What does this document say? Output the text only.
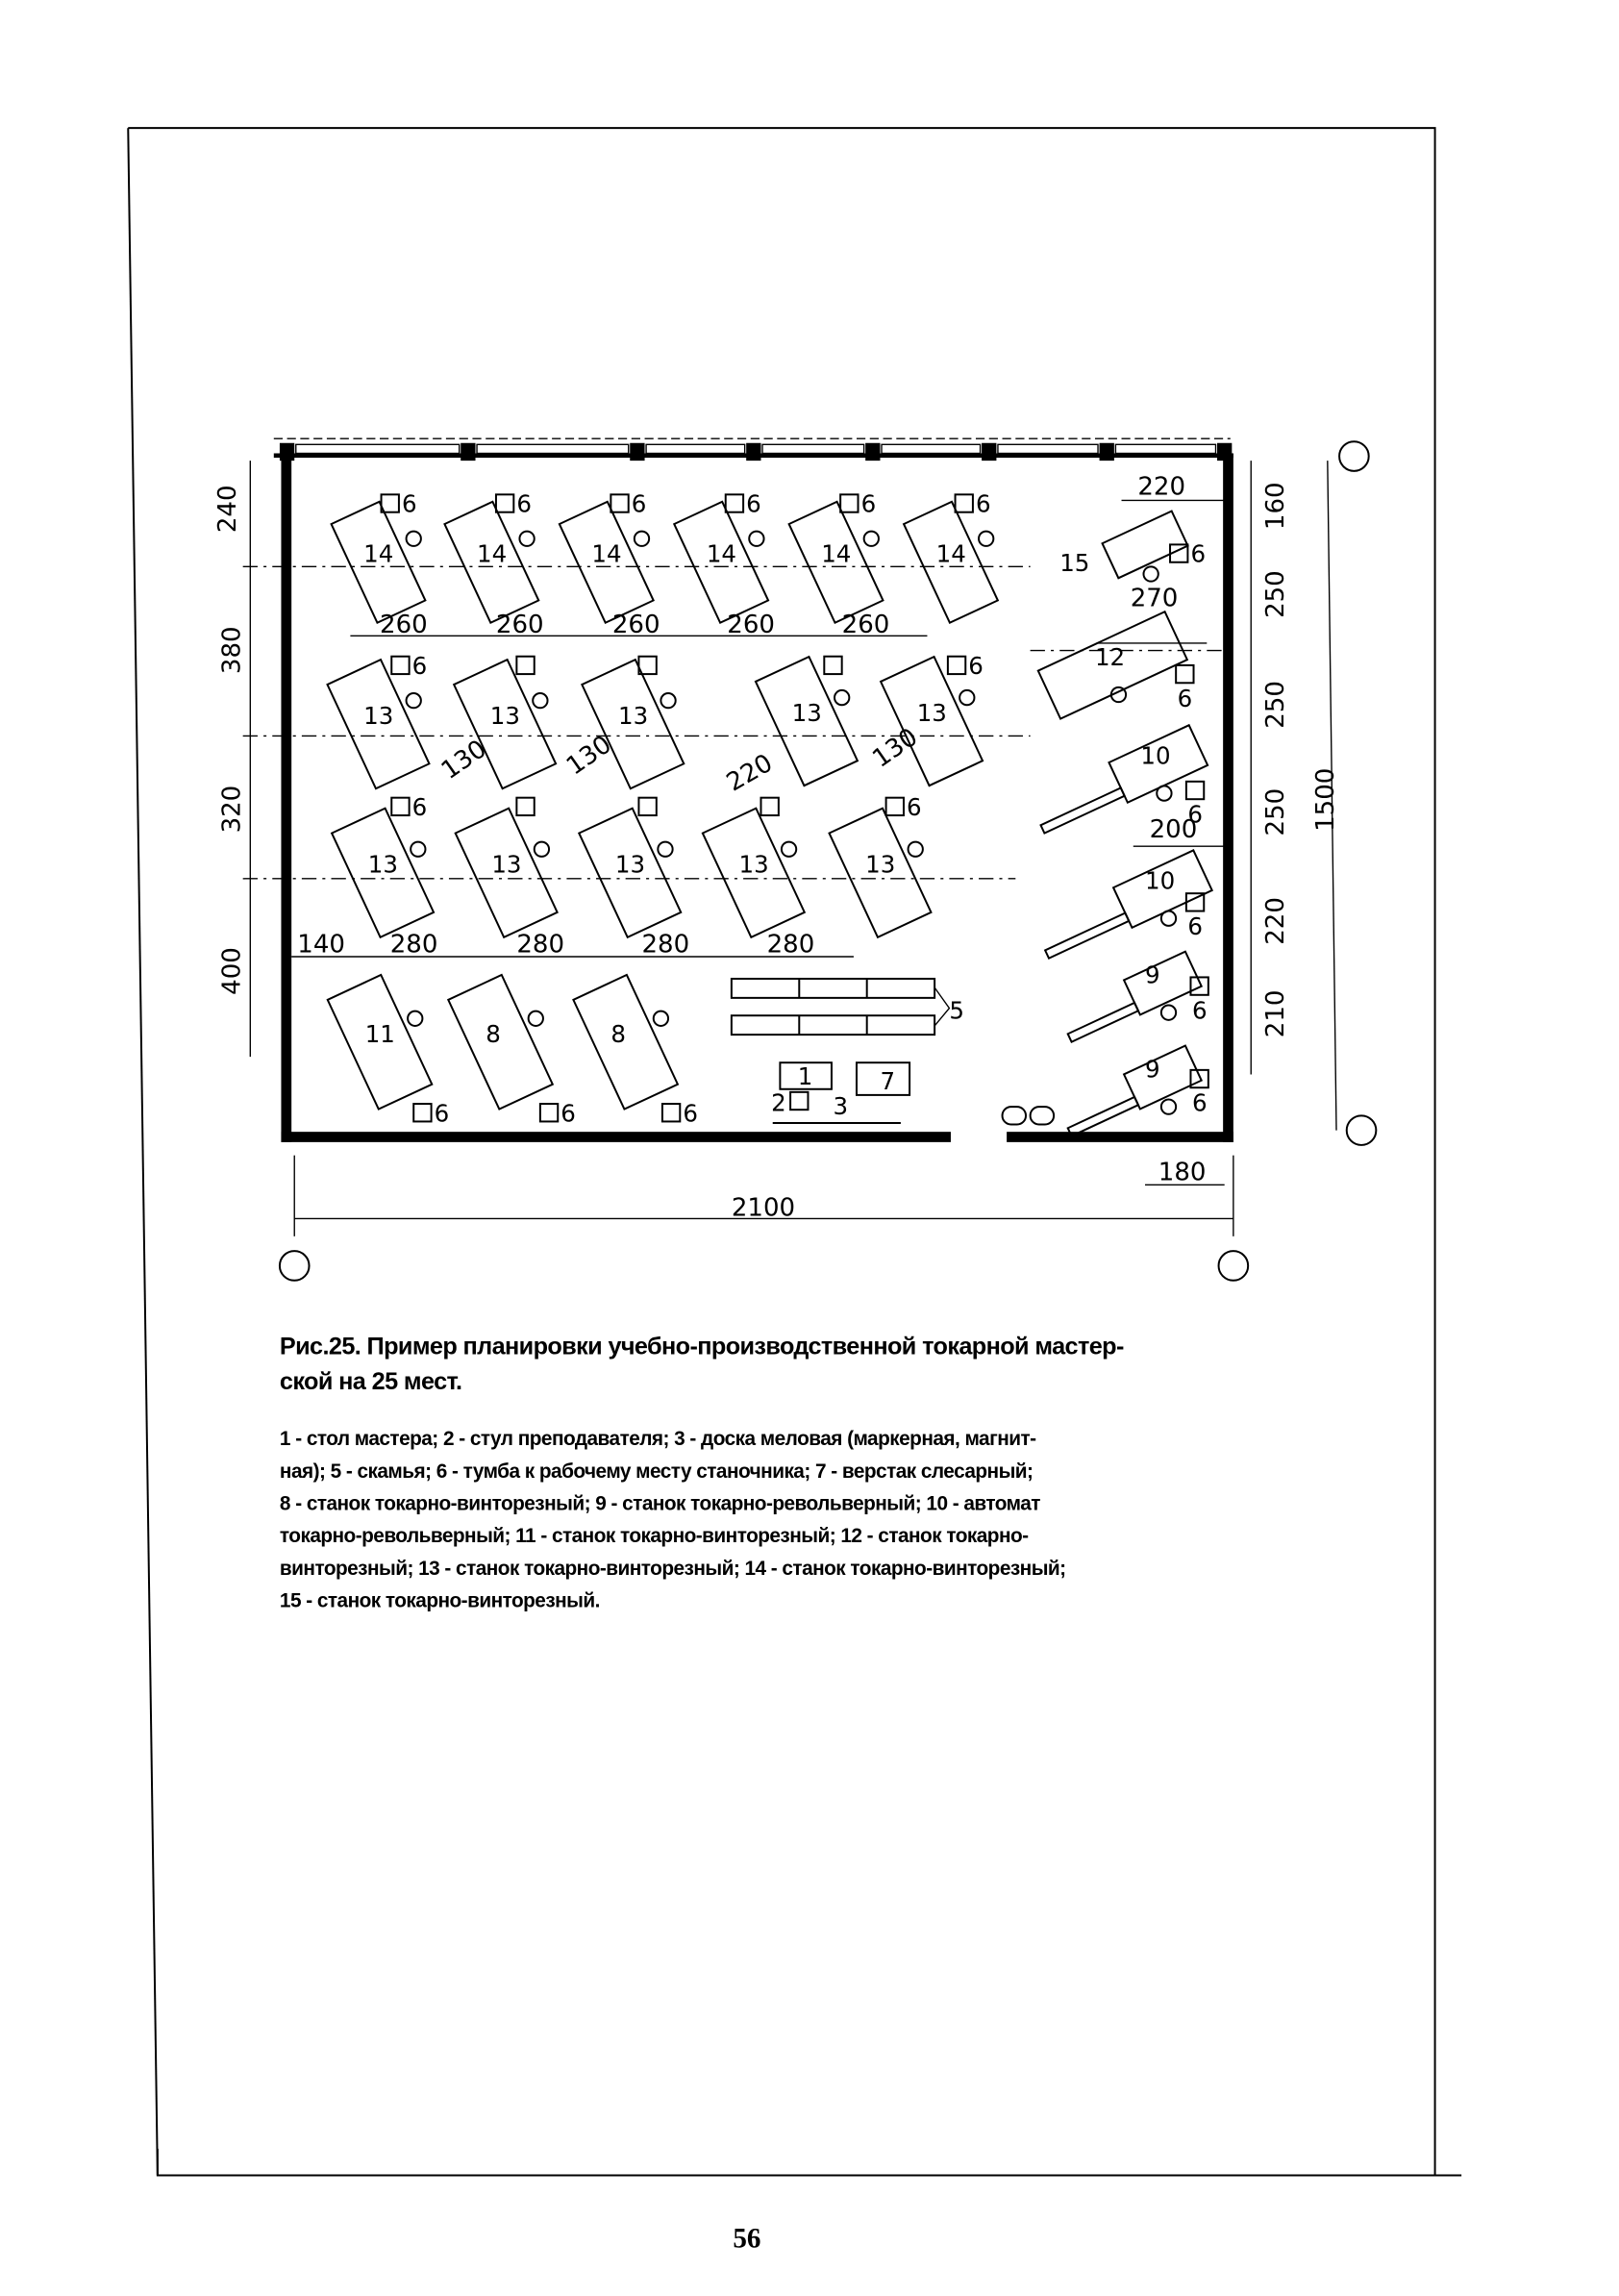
14	14	14	14	14	14
13	13	13	13	13
13	13	13	13	13
11	8	8
15
12
10
10
9
9
6	6	6	6	6	6
6	6
6	6
6	6	6
6
6
6
6
6
6
5
1	7
2	3
240
380
320
400
160
250
250
250
220
210
1500
2100
260	260	260	260	260
140	280	280	280	280
130	130	220	130
220
270
200
180
Рис.25. Пример планировки учебно-производственной токарной мастер-
ской на 25 мест.
1 - стол мастера; 2 - стул преподавателя; 3 - доска меловая (маркерная, магнит-
ная); 5 - скамья; 6 - тумба к рабочему месту станочника; 7 - верстак слесарный;
8 - станок токарно-винторезный; 9 - станок токарно-револьверный; 10 - автомат
токарно-револьверный; 11 - станок токарно-винторезный; 12 - станок токарно-
винторезный; 13 - станок токарно-винторезный; 14 - станок токарно-винторезный;
15 - станок токарно-винторезный.
56
